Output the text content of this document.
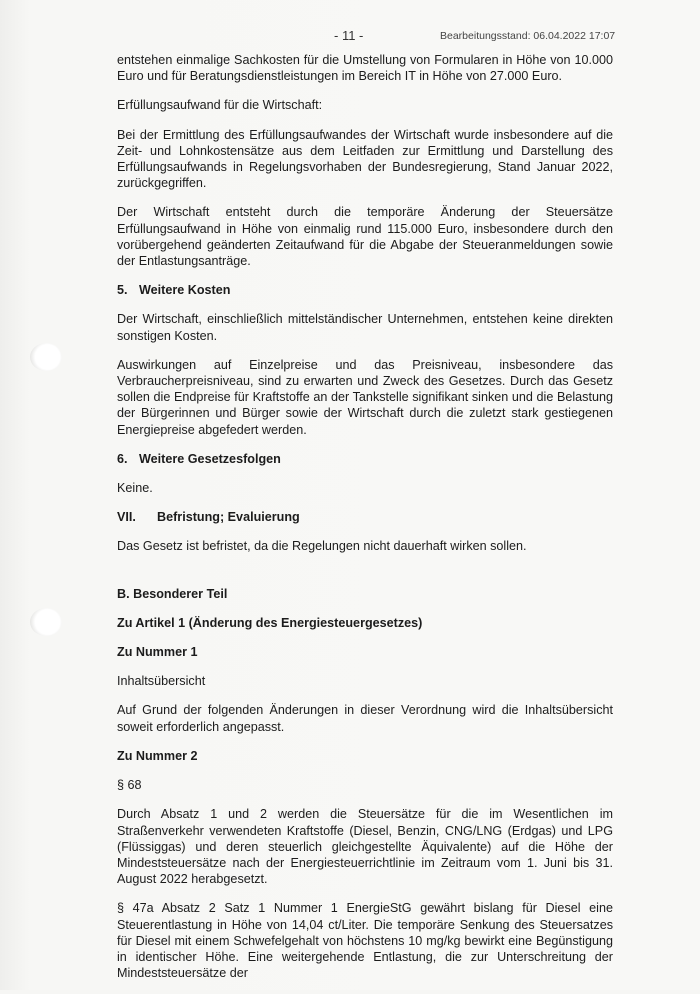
- 11 -	Bearbeitungsstand: 06.04.2022 17:07

entstehen einmalige Sachkosten für die Umstellung von Formularen in Höhe von 10.000 Euro und für Beratungsdienstleistungen im Bereich IT in Höhe von 27.000 Euro.

Erfüllungsaufwand für die Wirtschaft:

Bei der Ermittlung des Erfüllungsaufwandes der Wirtschaft wurde insbesondere auf die Zeit- und Lohnkostensätze aus dem Leitfaden zur Ermittlung und Darstellung des Erfüllungsaufwands in Regelungsvorhaben der Bundesregierung, Stand Januar 2022, zurückgegriffen.

Der Wirtschaft entsteht durch die temporäre Änderung der Steuersätze Erfüllungsaufwand in Höhe von einmalig rund 115.000 Euro, insbesondere durch den vorübergehend geänderten Zeitaufwand für die Abgabe der Steueranmeldungen sowie der Entlastungsanträge.

5. Weitere Kosten

Der Wirtschaft, einschließlich mittelständischer Unternehmen, entstehen keine direkten sonstigen Kosten.

Auswirkungen auf Einzelpreise und das Preisniveau, insbesondere das Verbraucherpreisniveau, sind zu erwarten und Zweck des Gesetzes. Durch das Gesetz sollen die Endpreise für Kraftstoffe an der Tankstelle signifikant sinken und die Belastung der Bürgerinnen und Bürger sowie der Wirtschaft durch die zuletzt stark gestiegenen Energiepreise abgefedert werden.

6. Weitere Gesetzesfolgen

Keine.

VII. Befristung; Evaluierung

Das Gesetz ist befristet, da die Regelungen nicht dauerhaft wirken sollen.

B. Besonderer Teil
Zu Artikel 1 (Änderung des Energiesteuergesetzes)
Zu Nummer 1

Inhaltsübersicht

Auf Grund der folgenden Änderungen in dieser Verordnung wird die Inhaltsübersicht soweit erforderlich angepasst.

Zu Nummer 2

§ 68

Durch Absatz 1 und 2 werden die Steuersätze für die im Wesentlichen im Straßenverkehr verwendeten Kraftstoffe (Diesel, Benzin, CNG/LNG (Erdgas) und LPG (Flüssiggas) und deren steuerlich gleichgestellte Äquivalente) auf die Höhe der Mindeststeuersätze nach der Energiesteuerrichtlinie im Zeitraum vom 1. Juni bis 31. August 2022 herabgesetzt.

§ 47a Absatz 2 Satz 1 Nummer 1 EnergieStG gewährt bislang für Diesel eine Steuerentlastung in Höhe von 14,04 ct/Liter. Die temporäre Senkung des Steuersatzes für Diesel mit einem Schwefelgehalt von höchstens 10 mg/kg bewirkt eine Begünstigung in identischer Höhe. Eine weitergehende Entlastung, die zur Unterschreitung der Mindeststeuersätze der
